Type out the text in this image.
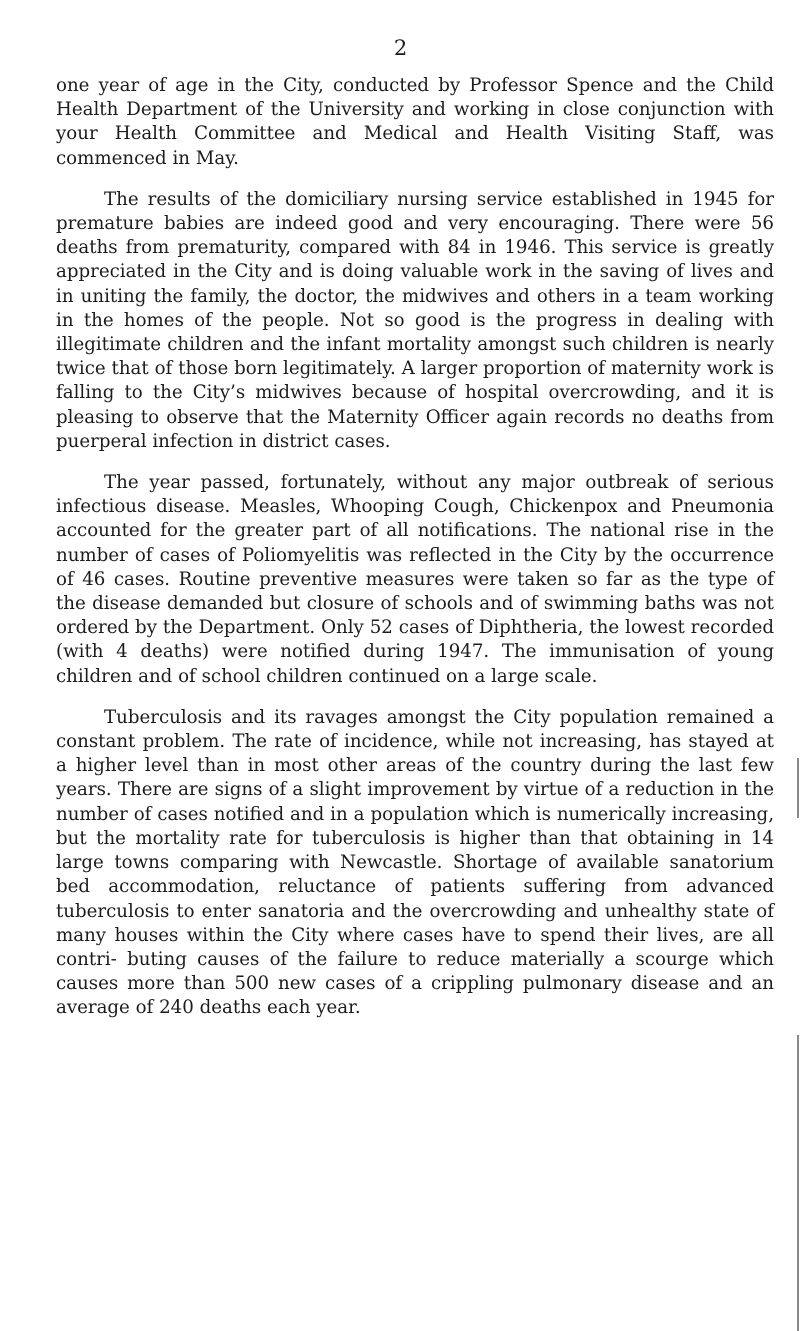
2

one year of age in the City, conducted by Professor Spence and the Child Health Department of the University and working in close conjunction with your Health Committee and Medical and Health Visiting Staff, was commenced in May.

The results of the domiciliary nursing service established in 1945 for premature babies are indeed good and very encouraging. There were 56 deaths from prematurity, compared with 84 in 1946. This service is greatly appreciated in the City and is doing valuable work in the saving of lives and in uniting the family, the doctor, the midwives and others in a team working in the homes of the people. Not so good is the progress in dealing with illegitimate children and the infant mortality amongst such children is nearly twice that of those born legitimately. A larger proportion of maternity work is falling to the City’s midwives because of hospital overcrowding, and it is pleasing to observe that the Maternity Officer again records no deaths from puerperal infection in district cases.

The year passed, fortunately, without any major outbreak of serious infectious disease. Measles, Whooping Cough, Chickenpox and Pneumonia accounted for the greater part of all notifications. The national rise in the number of cases of Poliomyelitis was reflected in the City by the occurrence of 46 cases. Routine preventive measures were taken so far as the type of the disease demanded but closure of schools and of swimming baths was not ordered by the Department. Only 52 cases of Diphtheria, the lowest recorded (with 4 deaths) were notified during 1947. The immunisation of young children and of school children continued on a large scale.

Tuberculosis and its ravages amongst the City population remained a constant problem. The rate of incidence, while not increasing, has stayed at a higher level than in most other areas of the country during the last few years. There are signs of a slight improvement by virtue of a reduction in the number of cases notified and in a population which is numerically increasing, but the mortality rate for tuberculosis is higher than that obtaining in 14 large towns comparing with Newcastle. Shortage of available sanatorium bed accommodation, reluctance of patients suffering from advanced tuberculosis to enter sanatoria and the overcrowding and unhealthy state of many houses within the City where cases have to spend their lives, are all contri- buting causes of the failure to reduce materially a scourge which causes more than 500 new cases of a crippling pulmonary disease and an average of 240 deaths each year.
